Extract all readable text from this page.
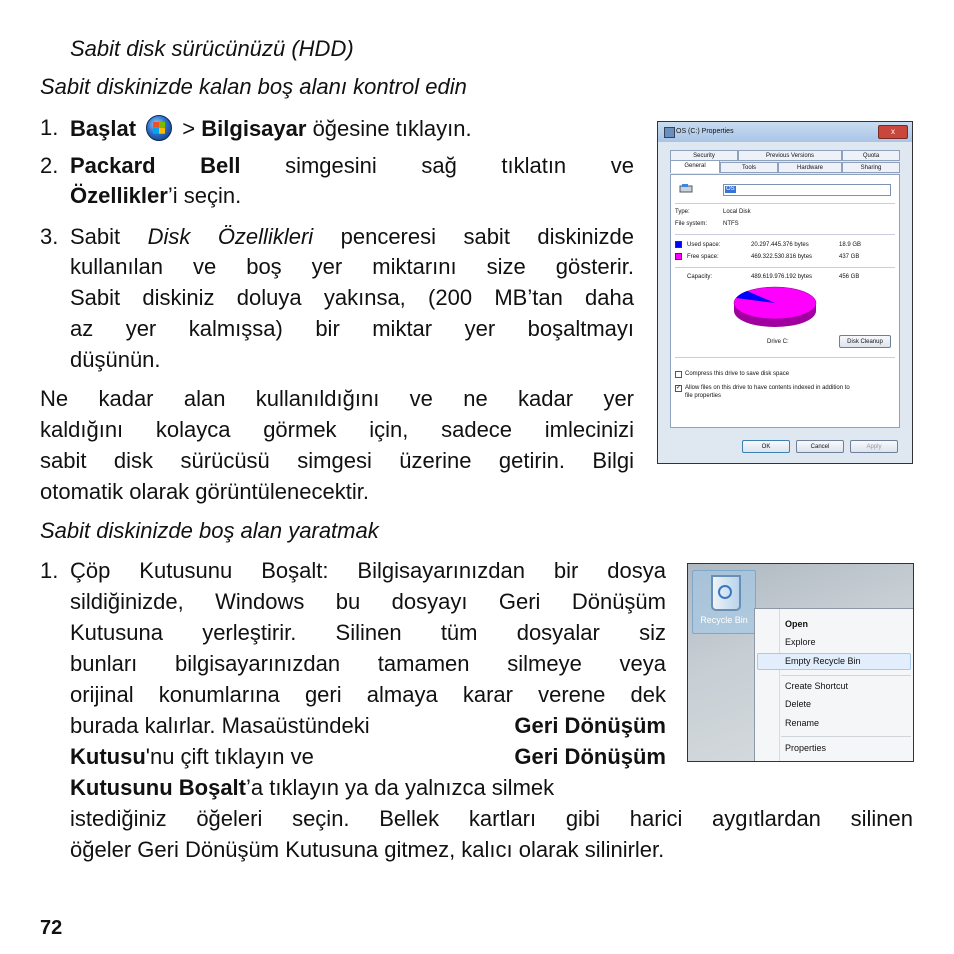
Sabit disk sürücünüzü (HDD)
Sabit diskinizde kalan boş alanı kontrol edin
1. Başlat > Bilgisayar öğesine tıklayın.
2. Packard Bell simgesini sağ tıklatın ve
Özellikler’i seçin.
3. Sabit Disk Özellikleri penceresi sabit diskinizde
kullanılan ve boş yer miktarını size gösterir.
Sabit diskiniz doluya yakınsa, (200 MB’tan daha
az yer kalmışsa) bir miktar yer boşaltmayı
düşünün.
Ne kadar alan kullanıldığını ve ne kadar yer
kaldığını kolayca görmek için, sadece imlecinizi
sabit disk sürücüsü simgesi üzerine getirin. Bilgi
otomatik olarak görüntülenecektir.
Sabit diskinizde boş alan yaratmak
1. Çöp Kutusunu Boşalt: Bilgisayarınızdan bir dosya
sildiğinizde, Windows bu dosyayı Geri Dönüşüm
Kutusuna yerleştirir. Silinen tüm dosyalar siz
bunları bilgisayarınızdan tamamen silmeye veya
orijinal konumlarına geri almaya karar verene dek
burada kalırlar. Masaüstündeki	Geri Dönüşüm
Kutusu'nu çift tıklayın ve	Geri Dönüşüm
Kutusunu Boşalt’a tıklayın ya da yalnızca silmek
istediğiniz öğeleri seçin. Bellek kartları gibi harici aygıtlardan silinen
öğeler Geri Dönüşüm Kutusuna gitmez, kalıcı olarak silinirler.
72
OS (C:) Properties	x
Security	Previous Versions	Quota
General	Tools	Hardware	Sharing
OS
Type:	Local Disk
File system:	NTFS
Used space:	20.297.445.376 bytes	18.9 GB
Free space:	469.322.530.816 bytes	437 GB
Capacity:	489.619.976.192 bytes	456 GB
Drive C:	Disk Cleanup
Compress this drive to save disk space
✓ Allow files on this drive to have contents indexed in addition to
file properties
OK	Cancel	Apply
Recycle Bin	Open
Explore
Empty Recycle Bin
Create Shortcut
Delete
Rename
Properties
